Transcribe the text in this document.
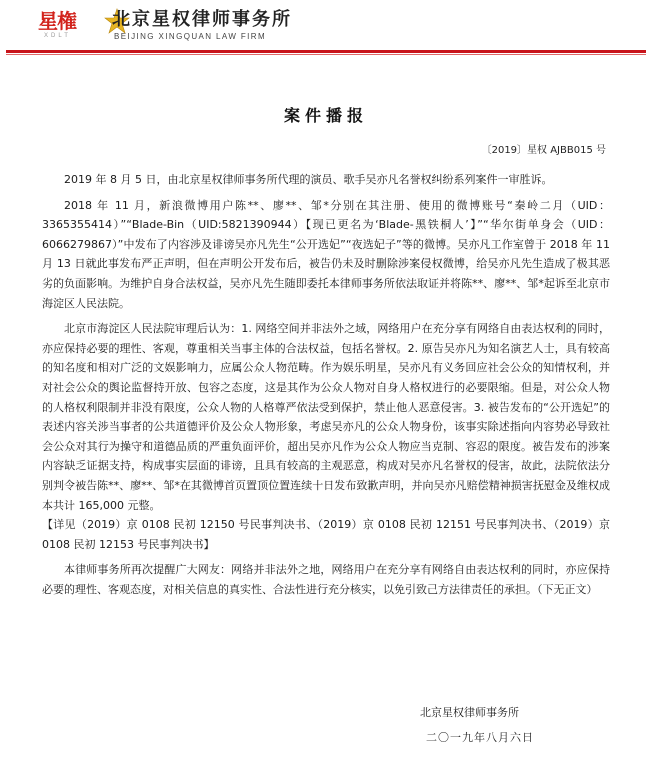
星権
XDLT
北京星权律师事务所
BEIJING XINGQUAN LAW FIRM
案件播报
〔2019〕星权 AJBB015 号

2019 年 8 月 5 日，由北京星权律师事务所代理的演员、歌手吴亦凡名誉权纠纷系列案件一审胜诉。

2018 年 11 月，新浪微博用户陈**、廖**、邹*分别在其注册、使用的微博账号“秦岭二月（UID：3365355414）”“Blade-Bin（UID:5821390944）【现已更名为‘Blade-黑铁桐人’】”“华尔街单身会（UID：6066279867）”中发布了内容涉及诽谤吴亦凡先生“公开选妃”“夜选妃子”等的微博。吴亦凡工作室曾于 2018 年 11 月 13 日就此事发布严正声明，但在声明公开发布后，被告仍未及时删除涉案侵权微博，给吴亦凡先生造成了极其恶劣的负面影响。为维护自身合法权益，吴亦凡先生随即委托本律师事务所依法取证并将陈**、廖**、邹*起诉至北京市海淀区人民法院。

北京市海淀区人民法院审理后认为：1. 网络空间并非法外之域，网络用户在充分享有网络自由表达权利的同时，亦应保持必要的理性、客观，尊重相关当事主体的合法权益，包括名誉权。2. 原告吴亦凡为知名演艺人士，具有较高的知名度和相对广泛的文娱影响力，应属公众人物范畴。作为娱乐明星，吴亦凡有义务回应社会公众的知情权利，并对社会公众的舆论监督持开放、包容之态度，这是其作为公众人物对自身人格权进行的必要限缩。但是，对公众人物的人格权利限制并非没有限度，公众人物的人格尊严依法受到保护，禁止他人恶意侵害。3. 被告发布的“公开选妃”的表述内容关涉当事者的公共道德评价及公众人物形象，考虑吴亦凡的公众人物身份，该事实除述指向内容势必导致社会公众对其行为操守和道德品质的严重负面评价，超出吴亦凡作为公众人物应当克制、容忍的限度。被告发布的涉案内容缺乏证据支持，构成事实层面的诽谤，且具有较高的主观恶意，构成对吴亦凡名誉权的侵害，故此，法院依法分别判令被告陈**、廖**、邹*在其微博首页置顶位置连续十日发布致歉声明，并向吴亦凡赔偿精神损害抚慰金及维权成本共计 165,000 元整。

【详见（2019）京 0108 民初 12150 号民事判决书、（2019）京 0108 民初 12151 号民事判决书、（2019）京 0108 民初 12153 号民事判决书】

本律师事务所再次提醒广大网友：网络并非法外之地，网络用户在充分享有网络自由表达权利的同时，亦应保持必要的理性、客观态度，对相关信息的真实性、合法性进行充分核实，以免引致己方法律责任的承担。（下无正文）

北京星权律师事务所
二〇一九年八月六日
